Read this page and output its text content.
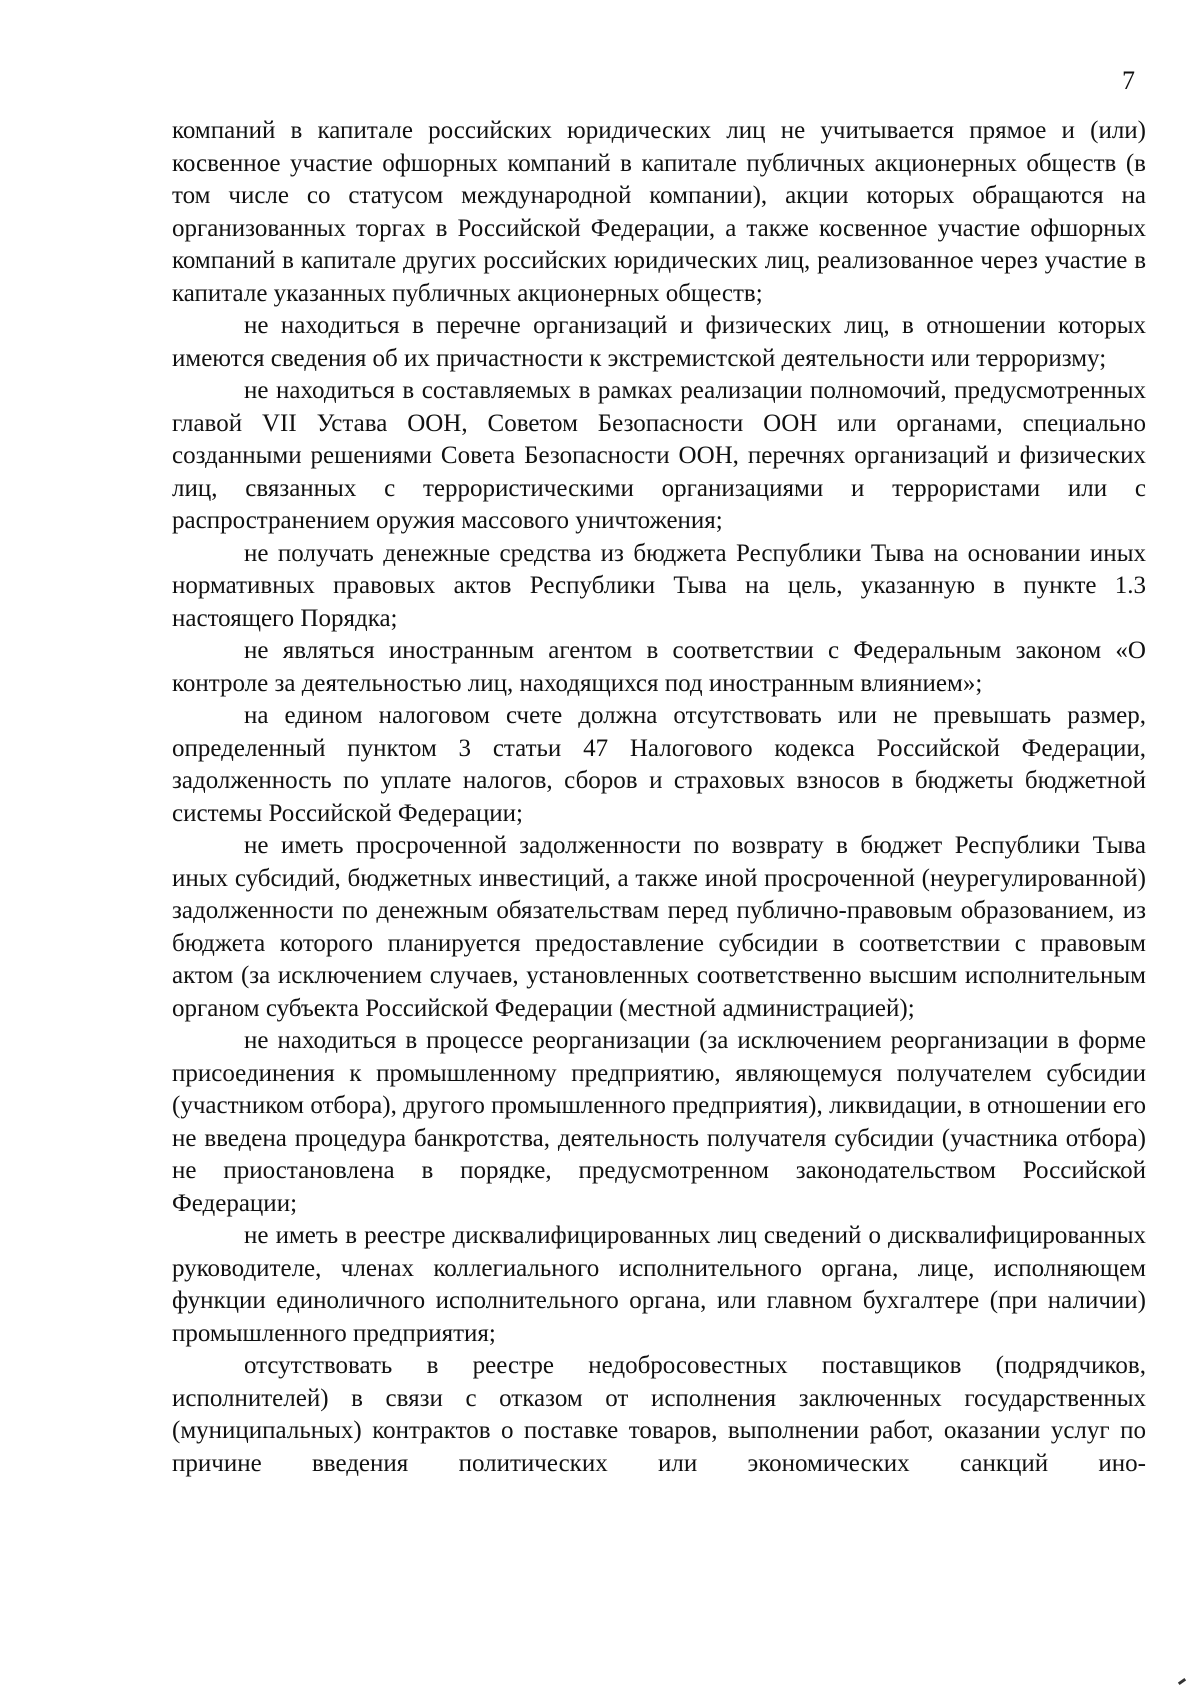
7

компаний в капитале российских юридических лиц не учитывается прямое и (или) косвенное участие офшорных компаний в капитале публичных акционерных обществ (в том числе со статусом международной компании), акции которых обращаются на организованных торгах в Российской Федерации, а также косвенное участие офшорных компаний в капитале других российских юридических лиц, реализованное через участие в капитале указанных публичных акционерных обществ;

не находиться в перечне организаций и физических лиц, в отношении которых имеются сведения об их причастности к экстремистской деятельности или терроризму;

не находиться в составляемых в рамках реализации полномочий, предусмотренных главой VII Устава ООН, Советом Безопасности ООН или органами, специально созданными решениями Совета Безопасности ООН, перечнях организаций и физических лиц, связанных с террористическими организациями и террористами или с распространением оружия массового уничтожения;

не получать денежные средства из бюджета Республики Тыва на основании иных нормативных правовых актов Республики Тыва на цель, указанную в пункте 1.3 настоящего Порядка;

не являться иностранным агентом в соответствии с Федеральным законом «О контроле за деятельностью лиц, находящихся под иностранным влиянием»;

на едином налоговом счете должна отсутствовать или не превышать размер, определенный пунктом 3 статьи 47 Налогового кодекса Российской Федерации, задолженность по уплате налогов, сборов и страховых взносов в бюджеты бюджетной системы Российской Федерации;

не иметь просроченной задолженности по возврату в бюджет Республики Тыва иных субсидий, бюджетных инвестиций, а также иной просроченной (неурегулированной) задолженности по денежным обязательствам перед публично-правовым образованием, из бюджета которого планируется предоставление субсидии в соответствии с правовым актом (за исключением случаев, установленных соответственно высшим исполнительным органом субъекта Российской Федерации (местной администрацией);

не находиться в процессе реорганизации (за исключением реорганизации в форме присоединения к промышленному предприятию, являющемуся получателем субсидии (участником отбора), другого промышленного предприятия), ликвидации, в отношении его не введена процедура банкротства, деятельность получателя субсидии (участника отбора) не приостановлена в порядке, предусмотренном законодательством Российской Федерации;

не иметь в реестре дисквалифицированных лиц сведений о дисквалифицированных руководителе, членах коллегиального исполнительного органа, лице, исполняющем функции единоличного исполнительного органа, или главном бухгалтере (при наличии) промышленного предприятия;

отсутствовать в реестре недобросовестных поставщиков (подрядчиков, исполнителей) в связи с отказом от исполнения заключенных государственных (муниципальных) контрактов о поставке товаров, выполнении работ, оказании услуг по причине введения политических или экономических санкций ино-
